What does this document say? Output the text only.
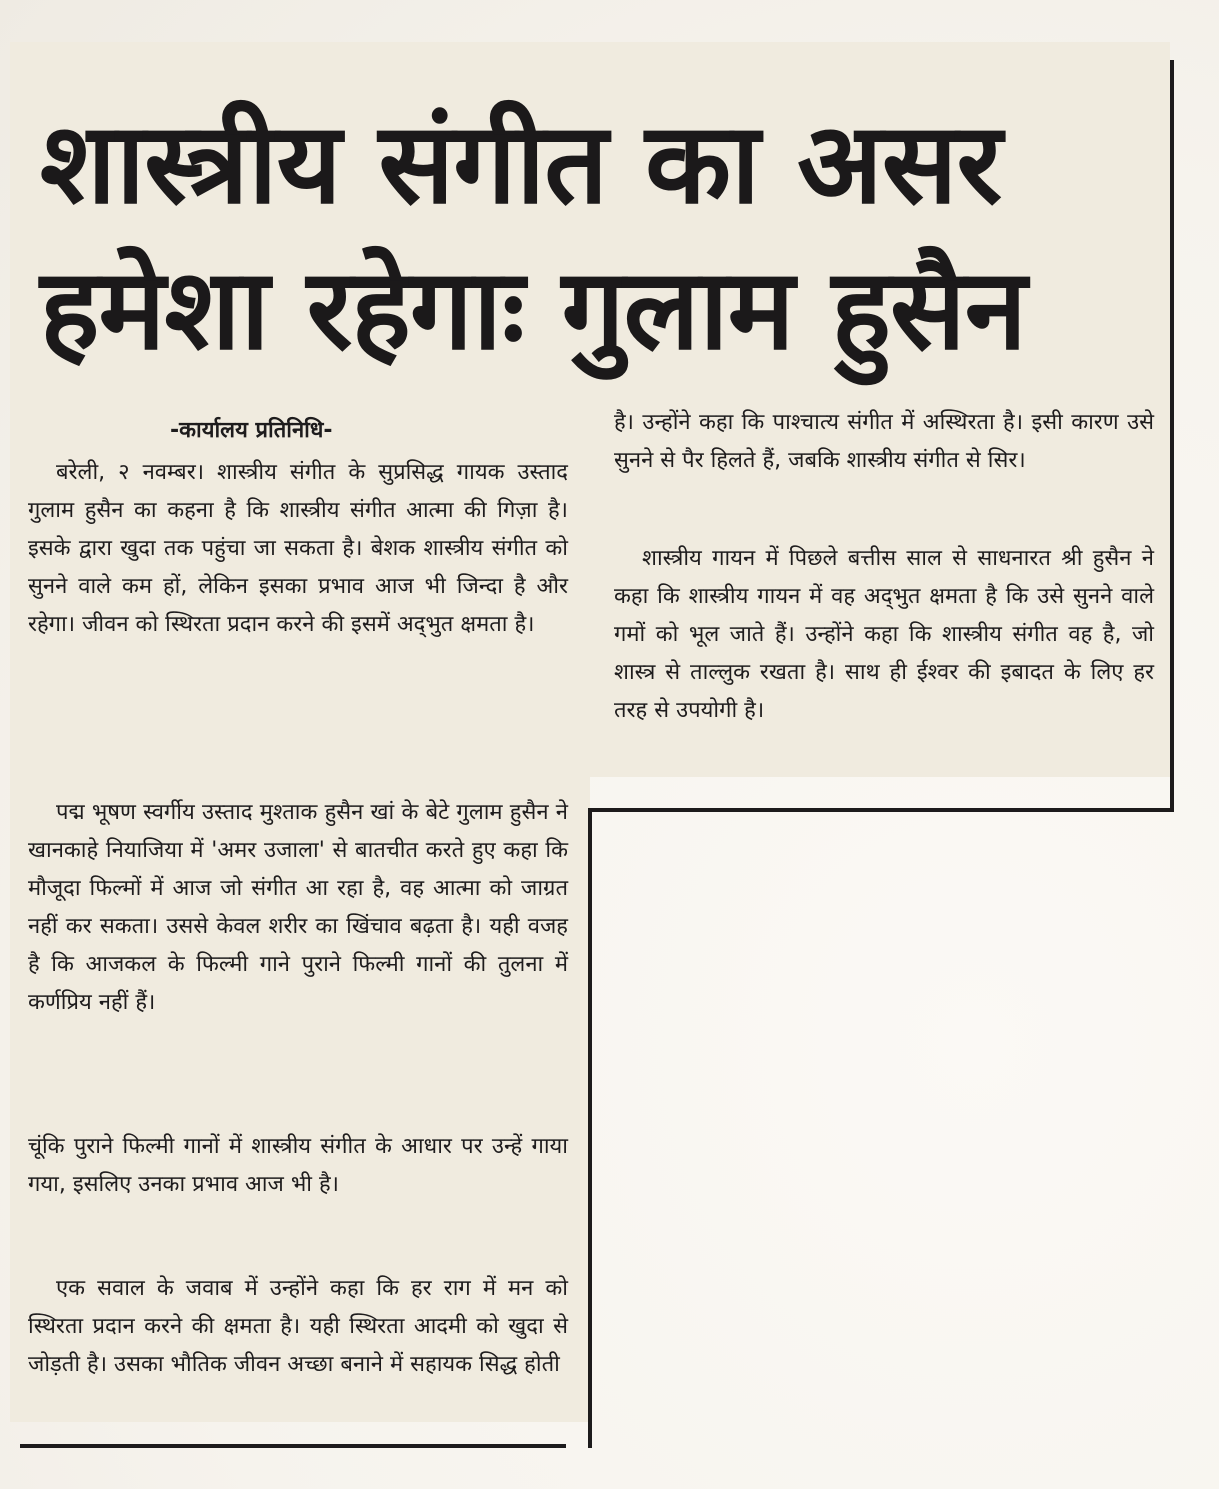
शास्त्रीय संगीत का असर
हमेशा रहेगाः गुलाम हुसैन
-कार्यालय प्रतिनिधि-

बरेली, २ नवम्बर। शास्त्रीय संगीत के सुप्रसिद्ध गायक उस्ताद गुलाम हुसैन का कहना है कि शास्त्रीय संगीत आत्मा की गिज़ा है। इसके द्वारा खुदा तक पहुंचा जा सकता है। बेशक शास्त्रीय संगीत को सुनने वाले कम हों, लेकिन इसका प्रभाव आज भी जिन्दा है और रहेगा। जीवन को स्थिरता प्रदान करने की इसमें अद्‌भुत क्षमता है।

पद्म भूषण स्वर्गीय उस्ताद मुश्ताक हुसैन खां के बेटे गुलाम हुसैन ने खानकाहे नियाजिया में 'अमर उजाला' से बातचीत करते हुए कहा कि मौजूदा फिल्मों में आज जो संगीत आ रहा है, वह आत्मा को जाग्रत नहीं कर सकता। उससे केवल शरीर का खिंचाव बढ़ता है। यही वजह है कि आजकल के फिल्मी गाने पुराने फिल्मी गानों की तुलना में कर्णप्रिय नहीं हैं।

चूंकि पुराने फिल्मी गानों में शास्त्रीय संगीत के आधार पर उन्हें गाया गया, इसलिए उनका प्रभाव आज भी है।

एक सवाल के जवाब में उन्होंने कहा कि हर राग में मन को स्थिरता प्रदान करने की क्षमता है। यही स्थिरता आदमी को खुदा से जोड़ती है। उसका भौतिक जीवन अच्छा बनाने में सहायक सिद्ध होती

है। उन्होंने कहा कि पाश्चात्य संगीत में अस्थिरता है। इसी कारण उसे सुनने से पैर हिलते हैं, जबकि शास्त्रीय संगीत से सिर।

शास्त्रीय गायन में पिछले बत्तीस साल से साधनारत श्री हुसैन ने कहा कि शास्त्रीय गायन में वह अद्‌भुत क्षमता है कि उसे सुनने वाले गमों को भूल जाते हैं। उन्होंने कहा कि शास्त्रीय संगीत वह है, जो शास्त्र से ताल्लुक रखता है। साथ ही ईश्वर की इबादत के लिए हर तरह से उपयोगी है।
